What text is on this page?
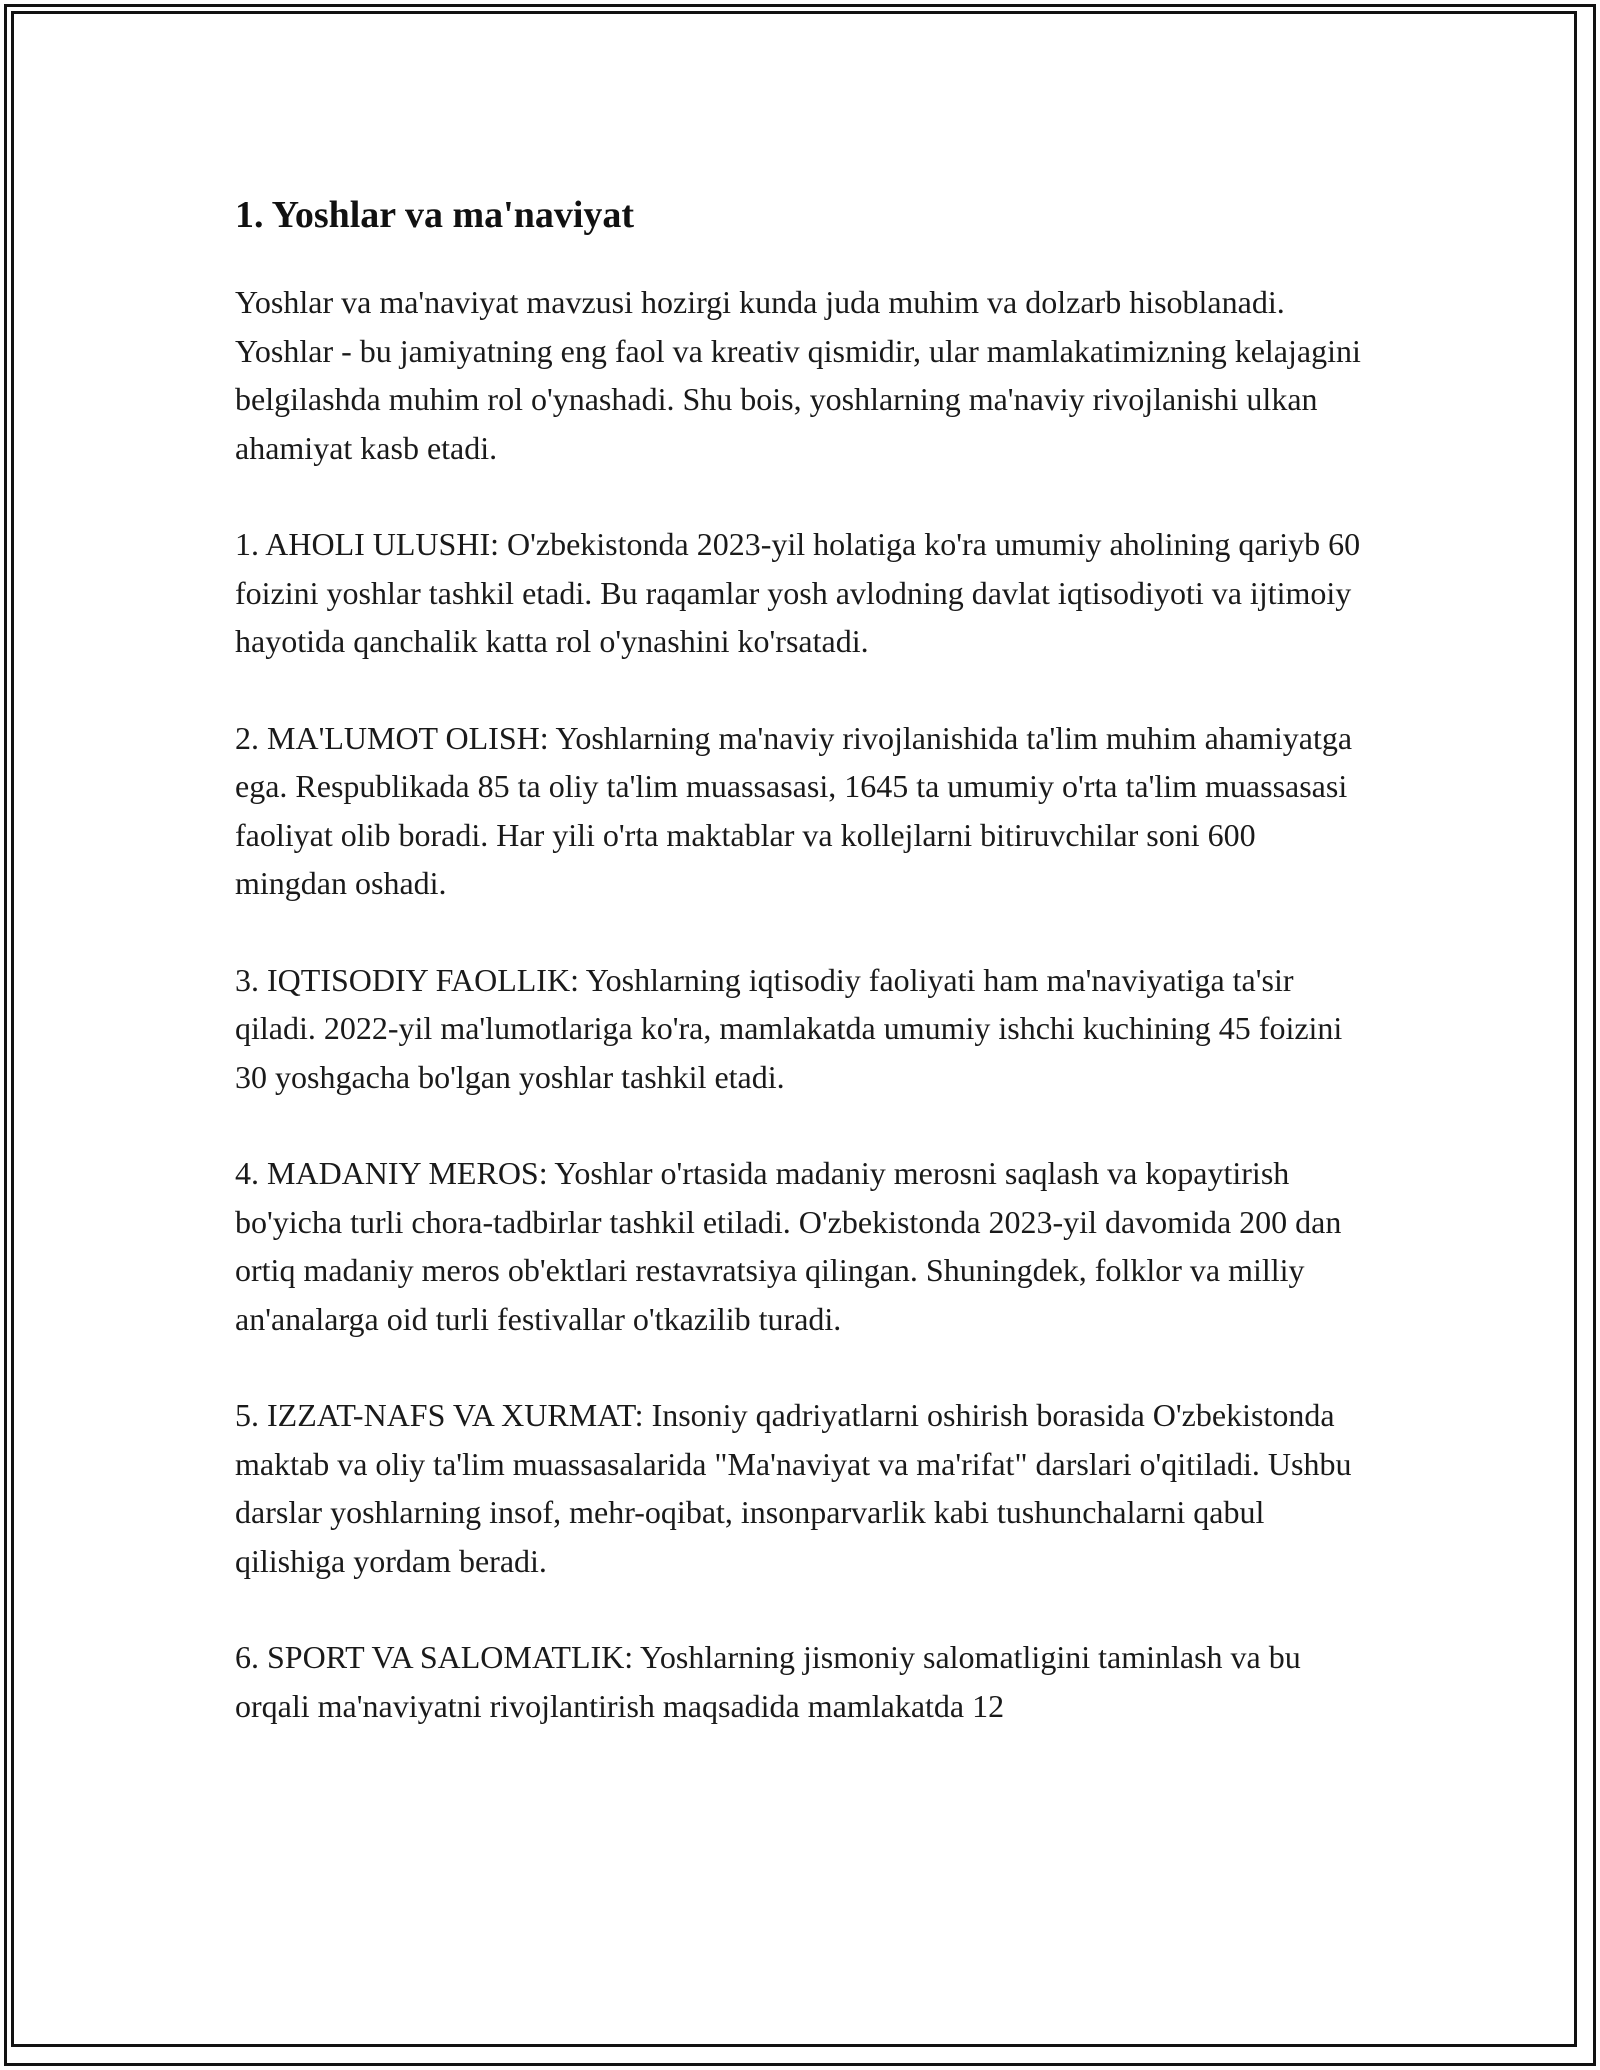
1. Yoshlar va ma'naviyat

Yoshlar va ma'naviyat mavzusi hozirgi kunda juda muhim va dolzarb hisoblanadi. Yoshlar - bu jamiyatning eng faol va kreativ qismidir, ular mamlakatimizning kelajagini belgilashda muhim rol o'ynashadi. Shu bois, yoshlarning ma'naviy rivojlanishi ulkan ahamiyat kasb etadi.

1. AHOLI ULUSHI: O'zbekistonda 2023-yil holatiga ko'ra umumiy aholining qariyb 60 foizini yoshlar tashkil etadi. Bu raqamlar yosh avlodning davlat iqtisodiyoti va ijtimoiy hayotida qanchalik katta rol o'ynashini ko'rsatadi.

2. MA'LUMOT OLISH: Yoshlarning ma'naviy rivojlanishida ta'lim muhim ahamiyatga ega. Respublikada 85 ta oliy ta'lim muassasasi, 1645 ta umumiy o'rta ta'lim muassasasi faoliyat olib boradi. Har yili o'rta maktablar va kollejlarni bitiruvchilar soni 600 mingdan oshadi.

3. IQTISODIY FAOLLIK: Yoshlarning iqtisodiy faoliyati ham ma'naviyatiga ta'sir qiladi. 2022-yil ma'lumotlariga ko'ra, mamlakatda umumiy ishchi kuchining 45 foizini 30 yoshgacha bo'lgan yoshlar tashkil etadi.

4. MADANIY MEROS: Yoshlar o'rtasida madaniy merosni saqlash va kopaytirish bo'yicha turli chora-tadbirlar tashkil etiladi. O'zbekistonda 2023-yil davomida 200 dan ortiq madaniy meros ob'ektlari restavratsiya qilingan. Shuningdek, folklor va milliy an'analarga oid turli festivallar o'tkazilib turadi.

5. IZZAT-NAFS VA XURMAT: Insoniy qadriyatlarni oshirish borasida O'zbekistonda maktab va oliy ta'lim muassasalarida "Ma'naviyat va ma'rifat" darslari o'qitiladi. Ushbu darslar yoshlarning insof, mehr-oqibat, insonparvarlik kabi tushunchalarni qabul qilishiga yordam beradi.

6. SPORT VA SALOMATLIK: Yoshlarning jismoniy salomatligini taminlash va bu orqali ma'naviyatni rivojlantirish maqsadida mamlakatda 12
